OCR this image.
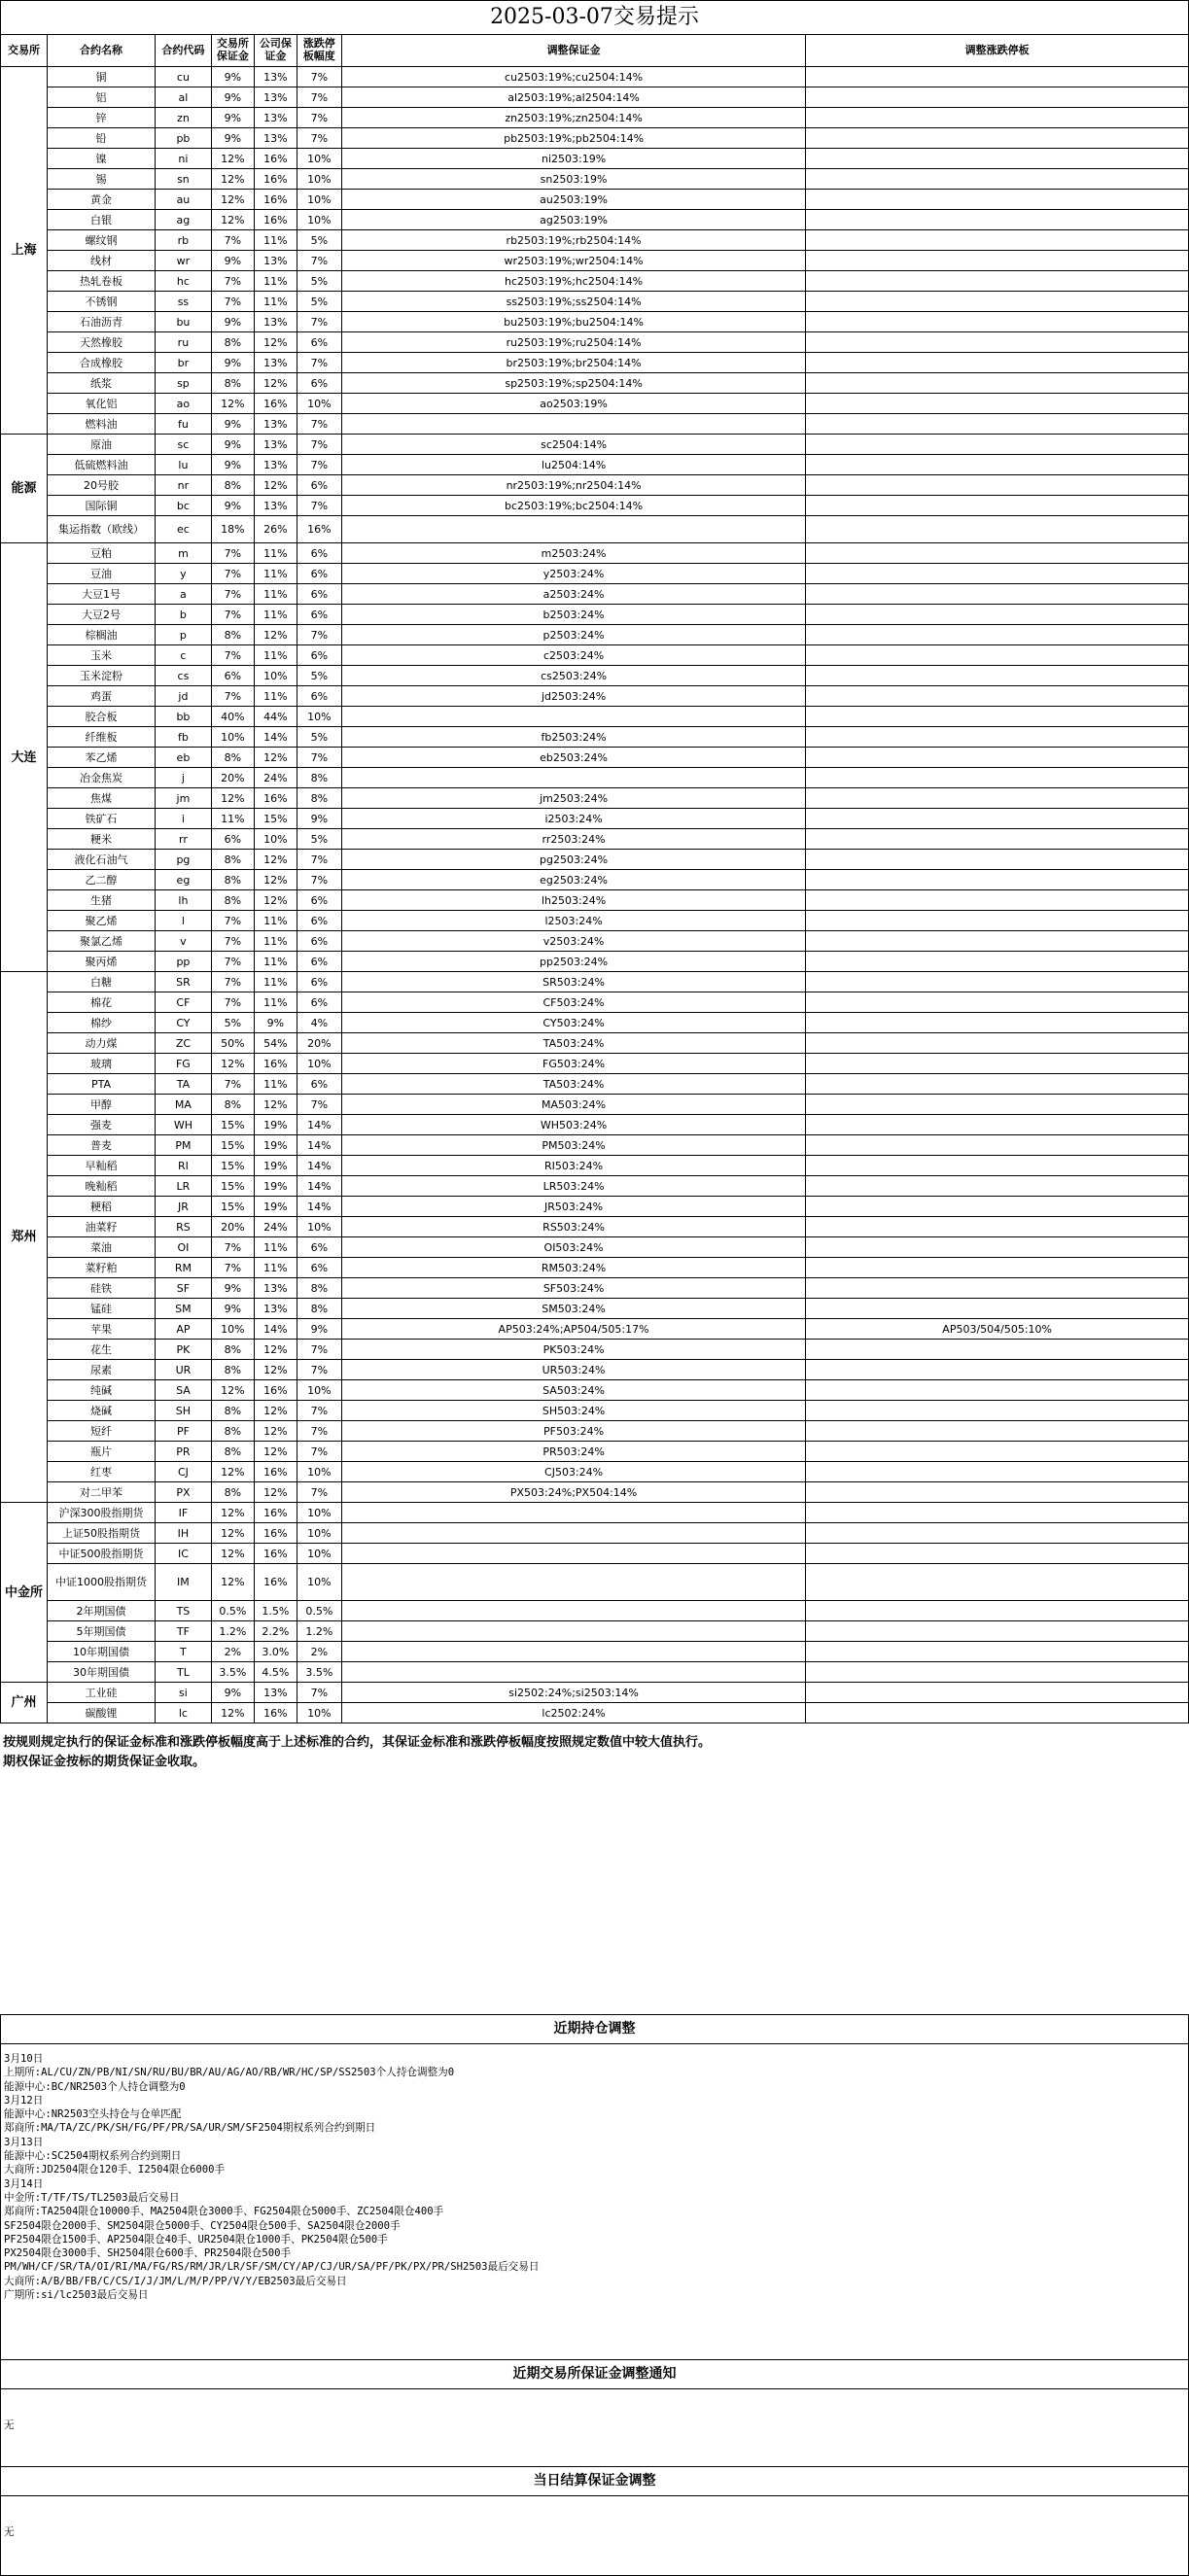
2025-03-07交易提示							
交易所	合约名称	合约代码	交易所保证金	公司保证金	涨跌停板幅度	调整保证金	调整涨跌停板
上海	铜	cu	9%	13%	7%	cu2503:19%;cu2504:14%	
	铝	al	9%	13%	7%	al2503:19%;al2504:14%	
	锌	zn	9%	13%	7%	zn2503:19%;zn2504:14%	
	铅	pb	9%	13%	7%	pb2503:19%;pb2504:14%	
	镍	ni	12%	16%	10%	ni2503:19%	
	锡	sn	12%	16%	10%	sn2503:19%	
	黄金	au	12%	16%	10%	au2503:19%	
	白银	ag	12%	16%	10%	ag2503:19%	
	螺纹钢	rb	7%	11%	5%	rb2503:19%;rb2504:14%	
	线材	wr	9%	13%	7%	wr2503:19%;wr2504:14%	
	热轧卷板	hc	7%	11%	5%	hc2503:19%;hc2504:14%	
	不锈钢	ss	7%	11%	5%	ss2503:19%;ss2504:14%	
	石油沥青	bu	9%	13%	7%	bu2503:19%;bu2504:14%	
	天然橡胶	ru	8%	12%	6%	ru2503:19%;ru2504:14%	
	合成橡胶	br	9%	13%	7%	br2503:19%;br2504:14%	
	纸浆	sp	8%	12%	6%	sp2503:19%;sp2504:14%	
	氧化铝	ao	12%	16%	10%	ao2503:19%	
	燃料油	fu	9%	13%	7%		
能源	原油	sc	9%	13%	7%	sc2504:14%	
	低硫燃料油	lu	9%	13%	7%	lu2504:14%	
	20号胶	nr	8%	12%	6%	nr2503:19%;nr2504:14%	
	国际铜	bc	9%	13%	7%	bc2503:19%;bc2504:14%	
	集运指数（欧线）	ec	18%	26%	16%		
大连	豆粕	m	7%	11%	6%	m2503:24%	
	豆油	y	7%	11%	6%	y2503:24%	
	大豆1号	a	7%	11%	6%	a2503:24%	
	大豆2号	b	7%	11%	6%	b2503:24%	
	棕榈油	p	8%	12%	7%	p2503:24%	
	玉米	c	7%	11%	6%	c2503:24%	
	玉米淀粉	cs	6%	10%	5%	cs2503:24%	
	鸡蛋	jd	7%	11%	6%	jd2503:24%	
	胶合板	bb	40%	44%	10%		
	纤维板	fb	10%	14%	5%	fb2503:24%	
	苯乙烯	eb	8%	12%	7%	eb2503:24%	
	冶金焦炭	j	20%	24%	8%		
	焦煤	jm	12%	16%	8%	jm2503:24%	
	铁矿石	i	11%	15%	9%	i2503:24%	
	粳米	rr	6%	10%	5%	rr2503:24%	
	液化石油气	pg	8%	12%	7%	pg2503:24%	
	乙二醇	eg	8%	12%	7%	eg2503:24%	
	生猪	lh	8%	12%	6%	lh2503:24%	
	聚乙烯	l	7%	11%	6%	l2503:24%	
	聚氯乙烯	v	7%	11%	6%	v2503:24%	
	聚丙烯	pp	7%	11%	6%	pp2503:24%	
郑州	白糖	SR	7%	11%	6%	SR503:24%	
	棉花	CF	7%	11%	6%	CF503:24%	
	棉纱	CY	5%	9%	4%	CY503:24%	
	动力煤	ZC	50%	54%	20%	TA503:24%	
	玻璃	FG	12%	16%	10%	FG503:24%	
	PTA	TA	7%	11%	6%	TA503:24%	
	甲醇	MA	8%	12%	7%	MA503:24%	
	强麦	WH	15%	19%	14%	WH503:24%	
	普麦	PM	15%	19%	14%	PM503:24%	
	早籼稻	RI	15%	19%	14%	RI503:24%	
	晚籼稻	LR	15%	19%	14%	LR503:24%	
	粳稻	JR	15%	19%	14%	JR503:24%	
	油菜籽	RS	20%	24%	10%	RS503:24%	
	菜油	OI	7%	11%	6%	OI503:24%	
	菜籽粕	RM	7%	11%	6%	RM503:24%	
	硅铁	SF	9%	13%	8%	SF503:24%	
	锰硅	SM	9%	13%	8%	SM503:24%	
	苹果	AP	10%	14%	9%	AP503:24%;AP504/505:17%	AP503/504/505:10%
	花生	PK	8%	12%	7%	PK503:24%	
	尿素	UR	8%	12%	7%	UR503:24%	
	纯碱	SA	12%	16%	10%	SA503:24%	
	烧碱	SH	8%	12%	7%	SH503:24%	
	短纤	PF	8%	12%	7%	PF503:24%	
	瓶片	PR	8%	12%	7%	PR503:24%	
	红枣	CJ	12%	16%	10%	CJ503:24%	
	对二甲苯	PX	8%	12%	7%	PX503:24%;PX504:14%	
中金所	沪深300股指期货	IF	12%	16%	10%		
	上证50股指期货	IH	12%	16%	10%		
	中证500股指期货	IC	12%	16%	10%		
	中证1000股指期货	IM	12%	16%	10%		
	2年期国债	TS	0.5%	1.5%	0.5%		
	5年期国债	TF	1.2%	2.2%	1.2%		
	10年期国债	T	2%	3.0%	2%		
	30年期国债	TL	3.5%	4.5%	3.5%		
广州	工业硅	si	9%	13%	7%	si2502:24%;si2503:14%	
	碳酸锂	lc	12%	16%	10%	lc2502:24%	
按规则规定执行的保证金标准和涨跌停板幅度高于上述标准的合约，其保证金标准和涨跌停板幅度按照规定数值中较大值执行。
期权保证金按标的期货保证金收取。
近期持仓调整
3月10日
上期所:AL/CU/ZN/PB/NI/SN/RU/BU/BR/AU/AG/AO/RB/WR/HC/SP/SS2503个人持仓调整为0
能源中心:BC/NR2503个人持仓调整为0
3月12日
能源中心:NR2503空头持仓与仓单匹配
郑商所:MA/TA/ZC/PK/SH/FG/PF/PR/SA/UR/SM/SF2504期权系列合约到期日
3月13日
能源中心:SC2504期权系列合约到期日
大商所:JD2504限仓120手、I2504限仓6000手
3月14日
中金所:T/TF/TS/TL2503最后交易日
郑商所:TA2504限仓10000手、MA2504限仓3000手、FG2504限仓5000手、ZC2504限仓400手
SF2504限仓2000手、SM2504限仓5000手、CY2504限仓500手、SA2504限仓2000手
PF2504限仓1500手、AP2504限仓40手、UR2504限仓1000手、PK2504限仓500手
PX2504限仓3000手、SH2504限仓600手、PR2504限仓500手
PM/WH/CF/SR/TA/OI/RI/MA/FG/RS/RM/JR/LR/SF/SM/CY/AP/CJ/UR/SA/PF/PK/PX/PR/SH2503最后交易日
大商所:A/B/BB/FB/C/CS/I/J/JM/L/M/P/PP/V/Y/EB2503最后交易日
广期所:si/lc2503最后交易日
近期交易所保证金调整通知
无
当日结算保证金调整
无
